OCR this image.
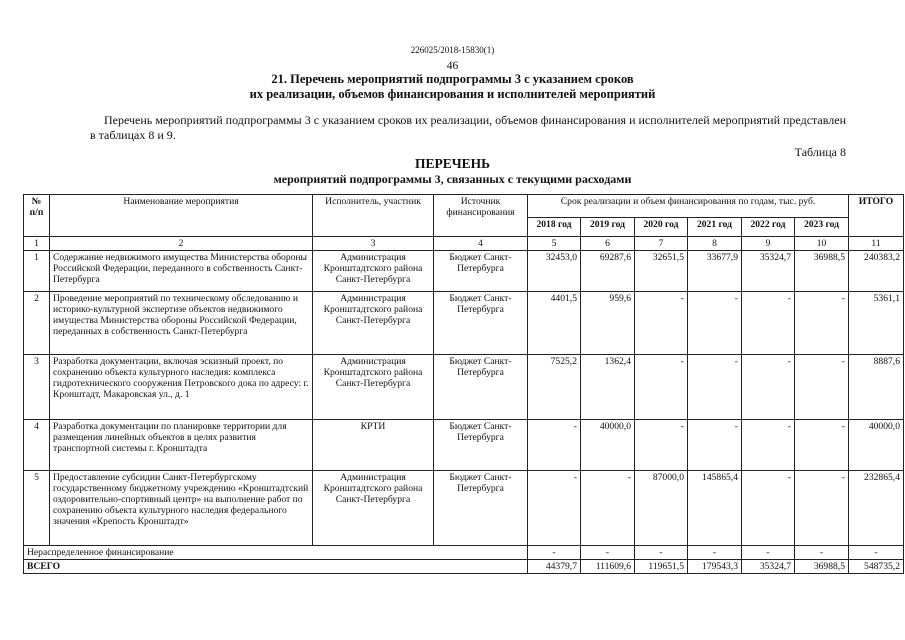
226025/2018-15830(1)
46
21. Перечень мероприятий подпрограммы 3 с указанием сроков
их реализации, объемов финансирования и исполнителей мероприятий
Перечень мероприятий подпрограммы 3 с указанием сроков их реализации, объемов финансирования и исполнителей мероприятий представлен в таблицах 8 и 9.
Таблица 8
ПЕРЕЧЕНЬ
мероприятий подпрограммы 3, связанных с текущими расходами
№ п/п	Наименование мероприятия	Исполнитель, участник	Источник финансирования	Срок реализации и объем финансирования по годам, тыс. руб.						ИТОГО
				2018 год	2019 год	2020 год	2021 год	2022 год	2023 год	
1	2	3	4	5	6	7	8	9	10	11
1	Содержание недвижимого имущества Министерства обороны Российской Федерации, переданного в собственность Санкт-Петербурга	Администрация Кронштадтского района Санкт-Петербурга	Бюджет Санкт-Петербурга	32453,0	69287,6	32651,5	33677,9	35324,7	36988,5	240383,2
2	Проведение мероприятий по техническому обследованию и историко-культурной экспертизе объектов недвижимого имущества Министерства обороны Российской Федерации, переданных в собственность Санкт-Петербурга	Администрация Кронштадтского района Санкт-Петербурга	Бюджет Санкт-Петербурга	4401,5	959,6	-	-	-	-	5361,1
3	Разработка документации, включая эскизный проект, по сохранению объекта культурного наследия: комплекса гидротехнического сооружения Петровского дока по адресу: г. Кронштадт, Макаровская ул., д. 1	Администрация Кронштадтского района Санкт-Петербурга	Бюджет Санкт-Петербурга	7525,2	1362,4	-	-	-	-	8887,6
4	Разработка документации по планировке территории для размещения линейных объектов в целях развития транспортной системы г. Кронштадта	КРТИ	Бюджет Санкт-Петербурга	-	40000,0	-	-	-	-	40000,0
5	Предоставление субсидии Санкт-Петербургскому государственному бюджетному учреждению «Кронштадтский оздоровительно-спортивный центр» на выполнение работ по сохранению объекта культурного наследия федерального значения «Крепость Кронштадт»	Администрация Кронштадтского района Санкт-Петербурга	Бюджет Санкт-Петербурга	-	-	87000,0	145865,4	-	-	232865,4
Нераспределенное финансирование				-	-	-	-	-	-	-
ВСЕГО				44379,7	111609,6	119651,5	179543,3	35324,7	36988,5	548735,2
